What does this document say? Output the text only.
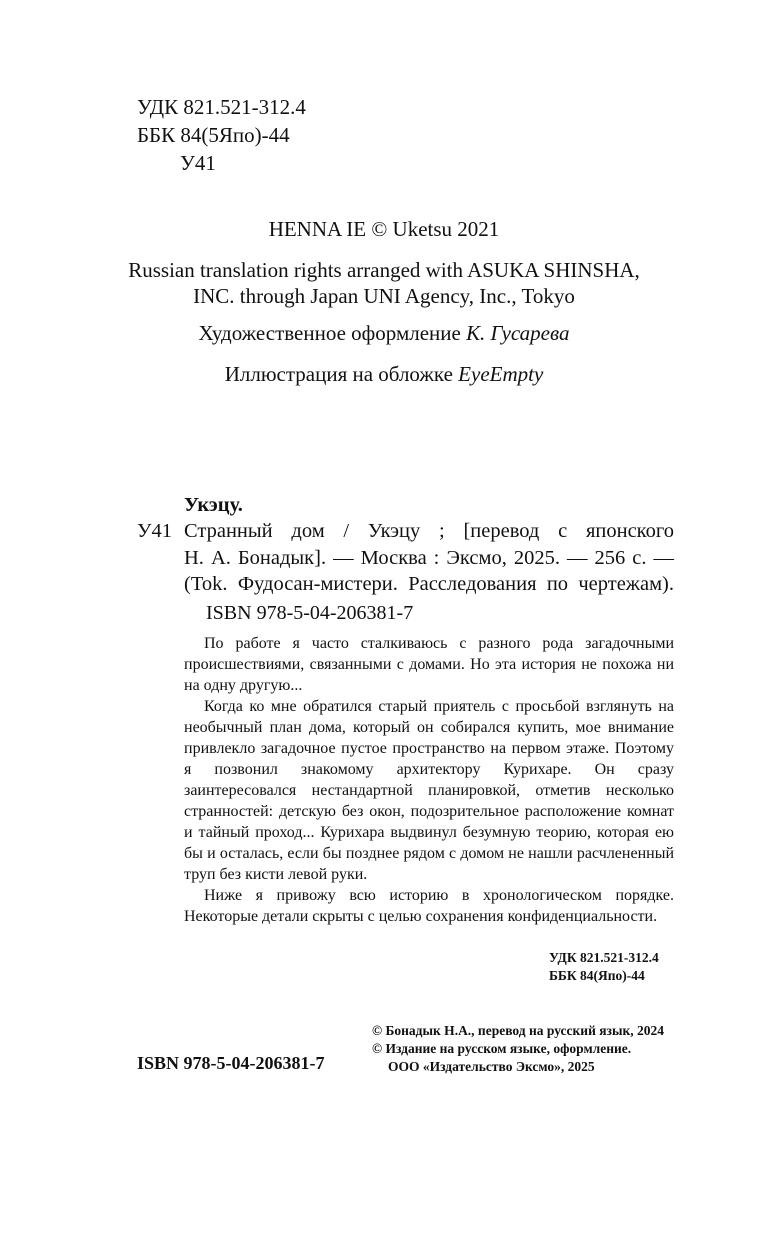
УДК 821.521-312.4
ББК 84(5Япо)-44
У41
HENNA IE © Uketsu 2021
Russian translation rights arranged with ASUKA SHINSHA,
INC. through Japan UNI Agency, Inc., Tokyo
Художественное оформление К. Гусарева
Иллюстрация на обложке EyeEmpty
Укэцу.
У41 Странный дом / Укэцу ; [перевод с японского
Н. А. Бонадык]. — Москва : Эксмо, 2025. — 256 с. —
(Tok. Фудосан-мистери. Расследования по чертежам).
ISBN 978-5-04-206381-7

По работе я часто сталкиваюсь с разного рода загадочными происшествиями, связанными с домами. Но эта история не похожа ни на одну другую...

Когда ко мне обратился старый приятель с просьбой взглянуть на необычный план дома, который он собирался купить, мое внимание привлекло загадочное пустое пространство на первом этаже. Поэтому я позвонил знакомому архитектору Курихаре. Он сразу заинтересовался нестандартной планировкой, отметив несколько странностей: детскую без окон, подозрительное расположение комнат и тайный проход... Курихара выдвинул безумную теорию, которая ею бы и осталась, если бы позднее рядом с домом не нашли расчлененный труп без кисти левой руки.

Ниже я привожу всю историю в хронологическом порядке. Некоторые детали скрыты с целью сохранения конфиденциальности.

УДК 821.521-312.4
ББК 84(Япо)-44
ISBN 978-5-04-206381-7
© Бонадык Н.А., перевод на русский язык, 2024
© Издание на русском языке, оформление.
ООО «Издательство Эксмо», 2025
